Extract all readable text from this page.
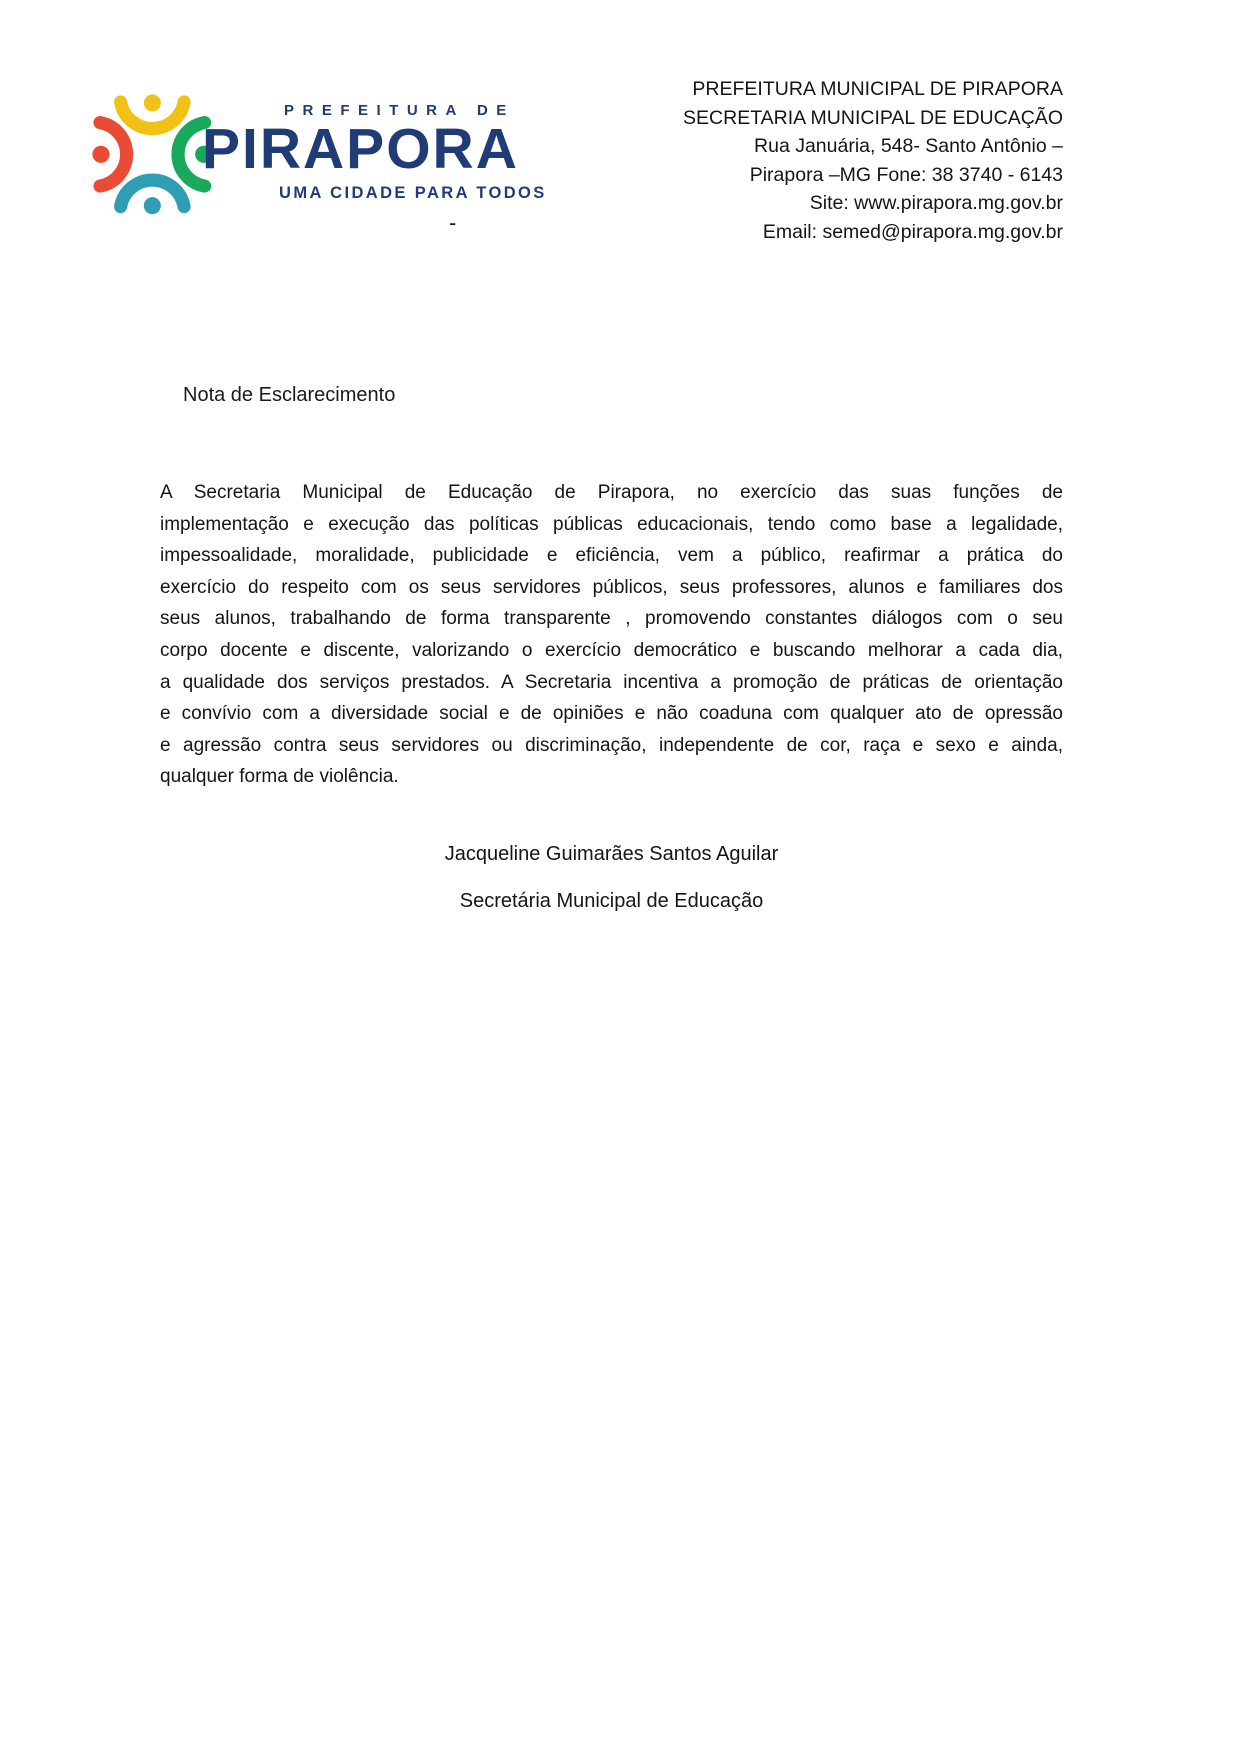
PREFEITURA DE
PIRAPORA
UMA CIDADE PARA TODOS
-
PREFEITURA MUNICIPAL DE PIRAPORA
SECRETARIA MUNICIPAL DE EDUCAÇÃO
Rua Januária, 548- Santo Antônio –
Pirapora –MG Fone: 38 3740 - 6143
Site: www.pirapora.mg.gov.br
Email: semed@pirapora.mg.gov.br
Nota de Esclarecimento
A Secretaria Municipal de Educação de Pirapora, no exercício das suas funções de
implementação e execução das políticas públicas educacionais, tendo como base a legalidade,
impessoalidade, moralidade, publicidade e eficiência, vem a público, reafirmar a prática do
exercício do respeito com os seus servidores públicos, seus professores, alunos e familiares dos
seus alunos, trabalhando de forma transparente , promovendo constantes diálogos com o seu
corpo docente e discente, valorizando o exercício democrático e buscando melhorar a cada dia,
a qualidade dos serviços prestados. A Secretaria incentiva a promoção de práticas de orientação
e convívio com a diversidade social e de opiniões e não coaduna com qualquer ato de opressão
e agressão contra seus servidores ou discriminação, independente de cor, raça e sexo e ainda,
qualquer forma de violência.
Jacqueline Guimarães Santos Aguilar
Secretária Municipal de Educação
